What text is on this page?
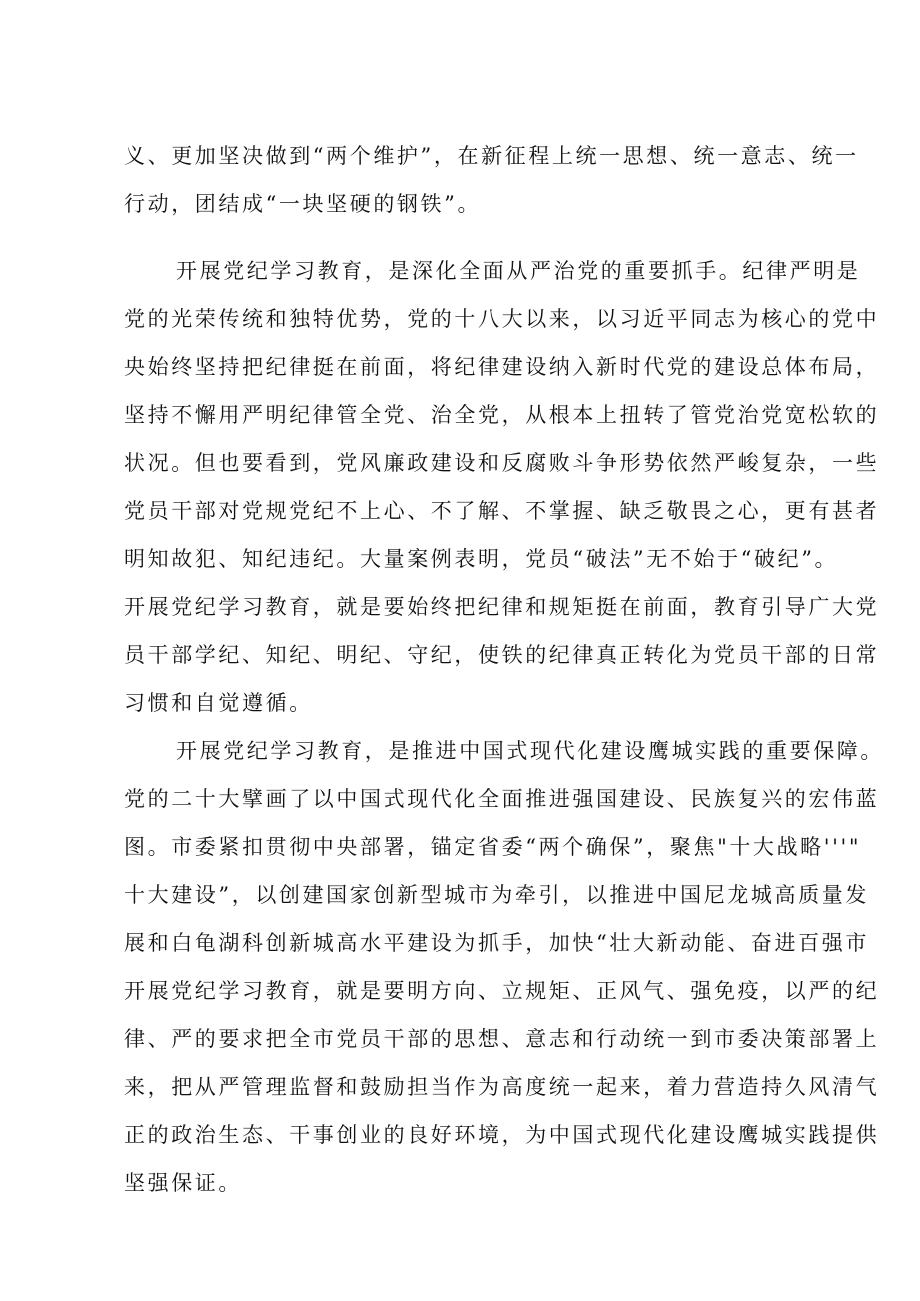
义、更加坚决做到“两个维护”，在新征程上统一思想、统一意志、统一
行动，团结成“一块坚硬的钢铁”。
开展党纪学习教育，是深化全面从严治党的重要抓手。纪律严明是
党的光荣传统和独特优势，党的十八大以来，以习近平同志为核心的党中
央始终坚持把纪律挺在前面，将纪律建设纳入新时代党的建设总体布局，
坚持不懈用严明纪律管全党、治全党，从根本上扭转了管党治党宽松软的
状况。但也要看到，党风廉政建设和反腐败斗争形势依然严峻复杂，一些
党员干部对党规党纪不上心、不了解、不掌握、缺乏敬畏之心，更有甚者
明知故犯、知纪违纪。大量案例表明，党员“破法”无不始于“破纪”。
开展党纪学习教育，就是要始终把纪律和规矩挺在前面，教育引导广大党
员干部学纪、知纪、明纪、守纪，使铁的纪律真正转化为党员干部的日常
习惯和自觉遵循。
开展党纪学习教育，是推进中国式现代化建设鹰城实践的重要保障。
党的二十大擘画了以中国式现代化全面推进强国建设、民族复兴的宏伟蓝
图。市委紧扣贯彻中央部署，锚定省委“两个确保”，聚焦"十大战略'''"
十大建设”，以创建国家创新型城市为牵引，以推进中国尼龙城高质量发
展和白龟湖科创新城高水平建设为抓手，加快“壮大新动能、奋进百强市
开展党纪学习教育，就是要明方向、立规矩、正风气、强免疫，以严的纪
律、严的要求把全市党员干部的思想、意志和行动统一到市委决策部署上
来，把从严管理监督和鼓励担当作为高度统一起来，着力营造持久风清气
正的政治生态、干事创业的良好环境，为中国式现代化建设鹰城实践提供
坚强保证。
